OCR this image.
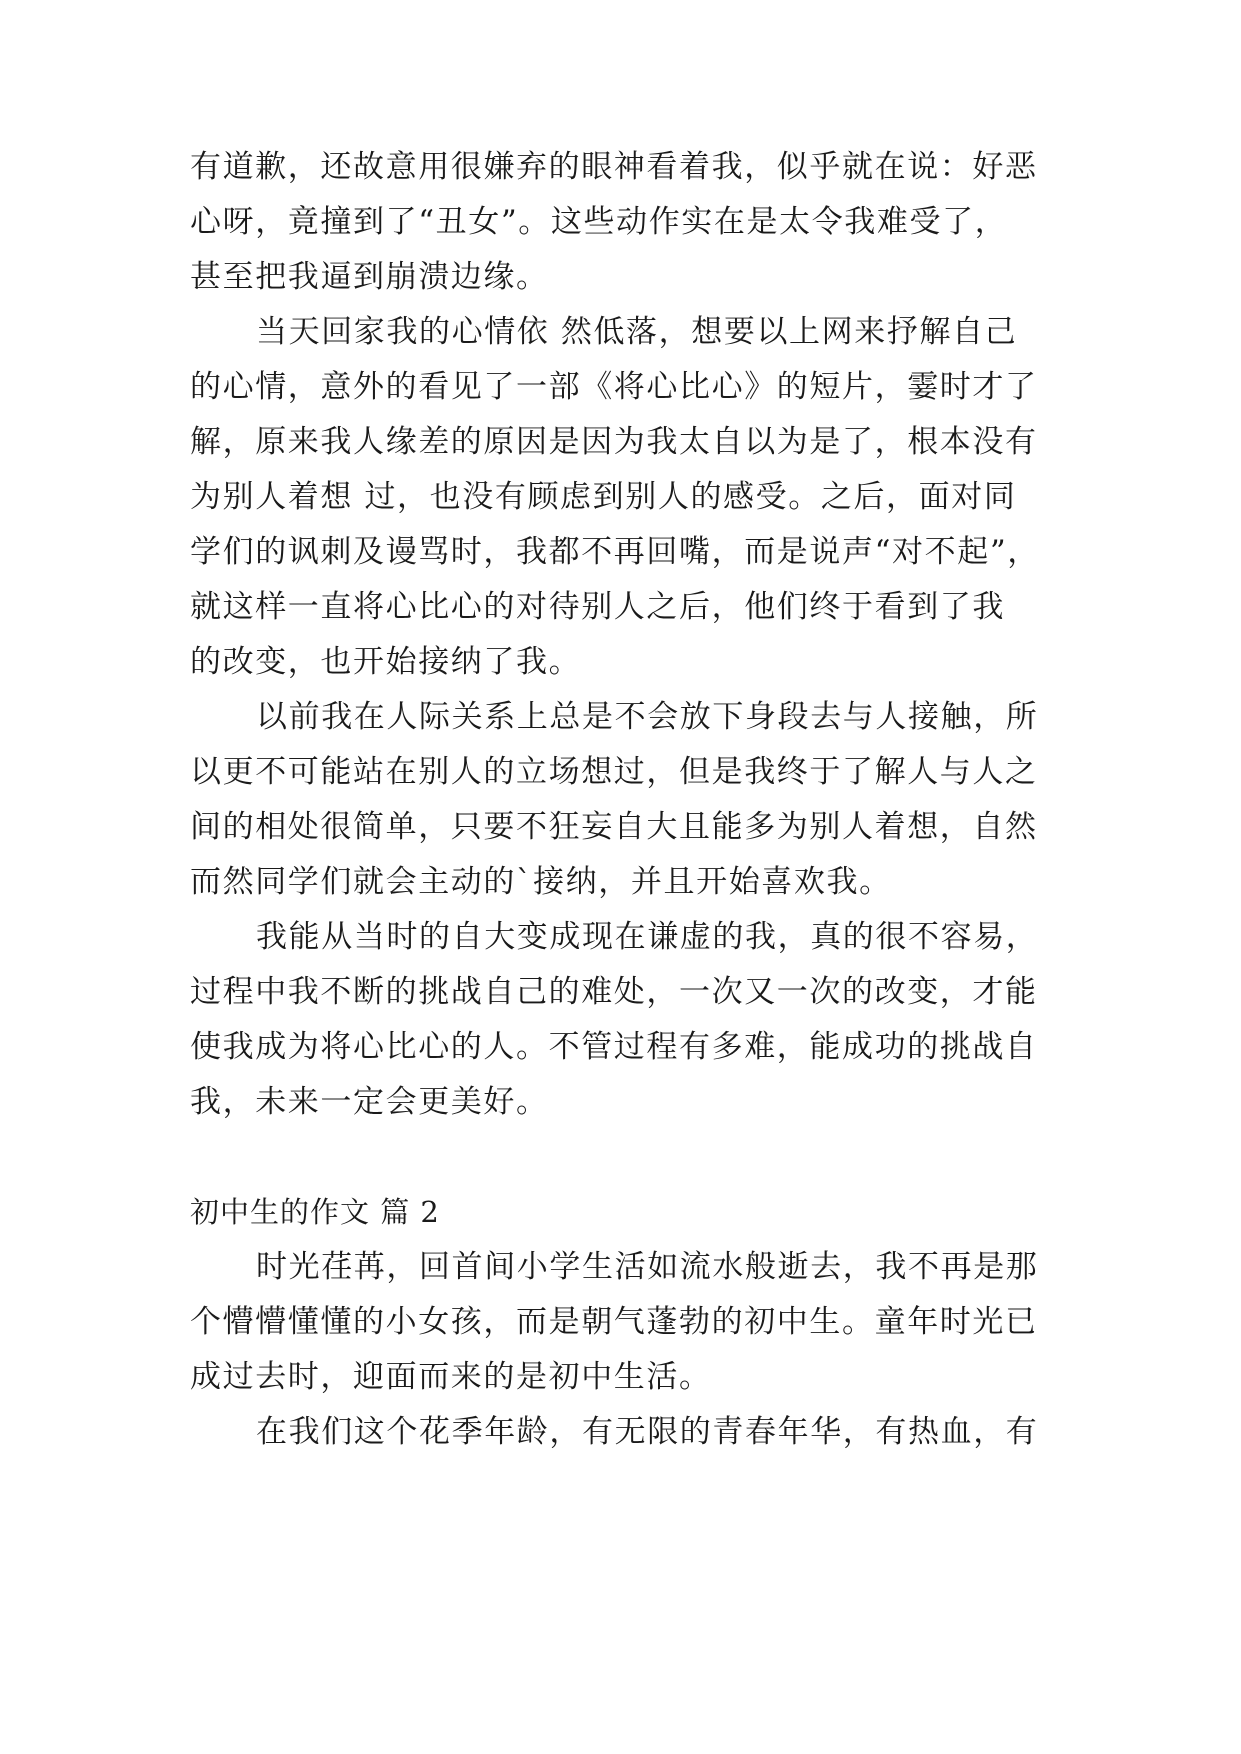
有道歉，还故意用很嫌弃的眼神看着我，似乎就在说：好恶

心呀，竟撞到了“丑女”。这些动作实在是太令我难受了，

甚至把我逼到崩溃边缘。

当天回家我的心情依 然低落，想要以上网来抒解自己

的心情，意外的看见了一部《将心比心》的短片，霎时才了

解，原来我人缘差的原因是因为我太自以为是了，根本没有

为别人着想 过，也没有顾虑到别人的感受。之后，面对同

学们的讽刺及谩骂时，我都不再回嘴，而是说声“对不起”，

就这样一直将心比心的对待别人之后，他们终于看到了我

的改变，也开始接纳了我。

以前我在人际关系上总是不会放下身段去与人接触，所

以更不可能站在别人的立场想过，但是我终于了解人与人之

间的相处很简单，只要不狂妄自大且能多为别人着想，自然

而然同学们就会主动的`接纳，并且开始喜欢我。

我能从当时的自大变成现在谦虚的我，真的很不容易，

过程中我不断的挑战自己的难处，一次又一次的改变，才能

使我成为将心比心的人。不管过程有多难，能成功的挑战自

我，未来一定会更美好。

初中生的作文 篇 2

时光荏苒，回首间小学生活如流水般逝去，我不再是那

个懵懵懂懂的小女孩，而是朝气蓬勃的初中生。童年时光已

成过去时，迎面而来的是初中生活。

在我们这个花季年龄，有无限的青春年华，有热血，有
